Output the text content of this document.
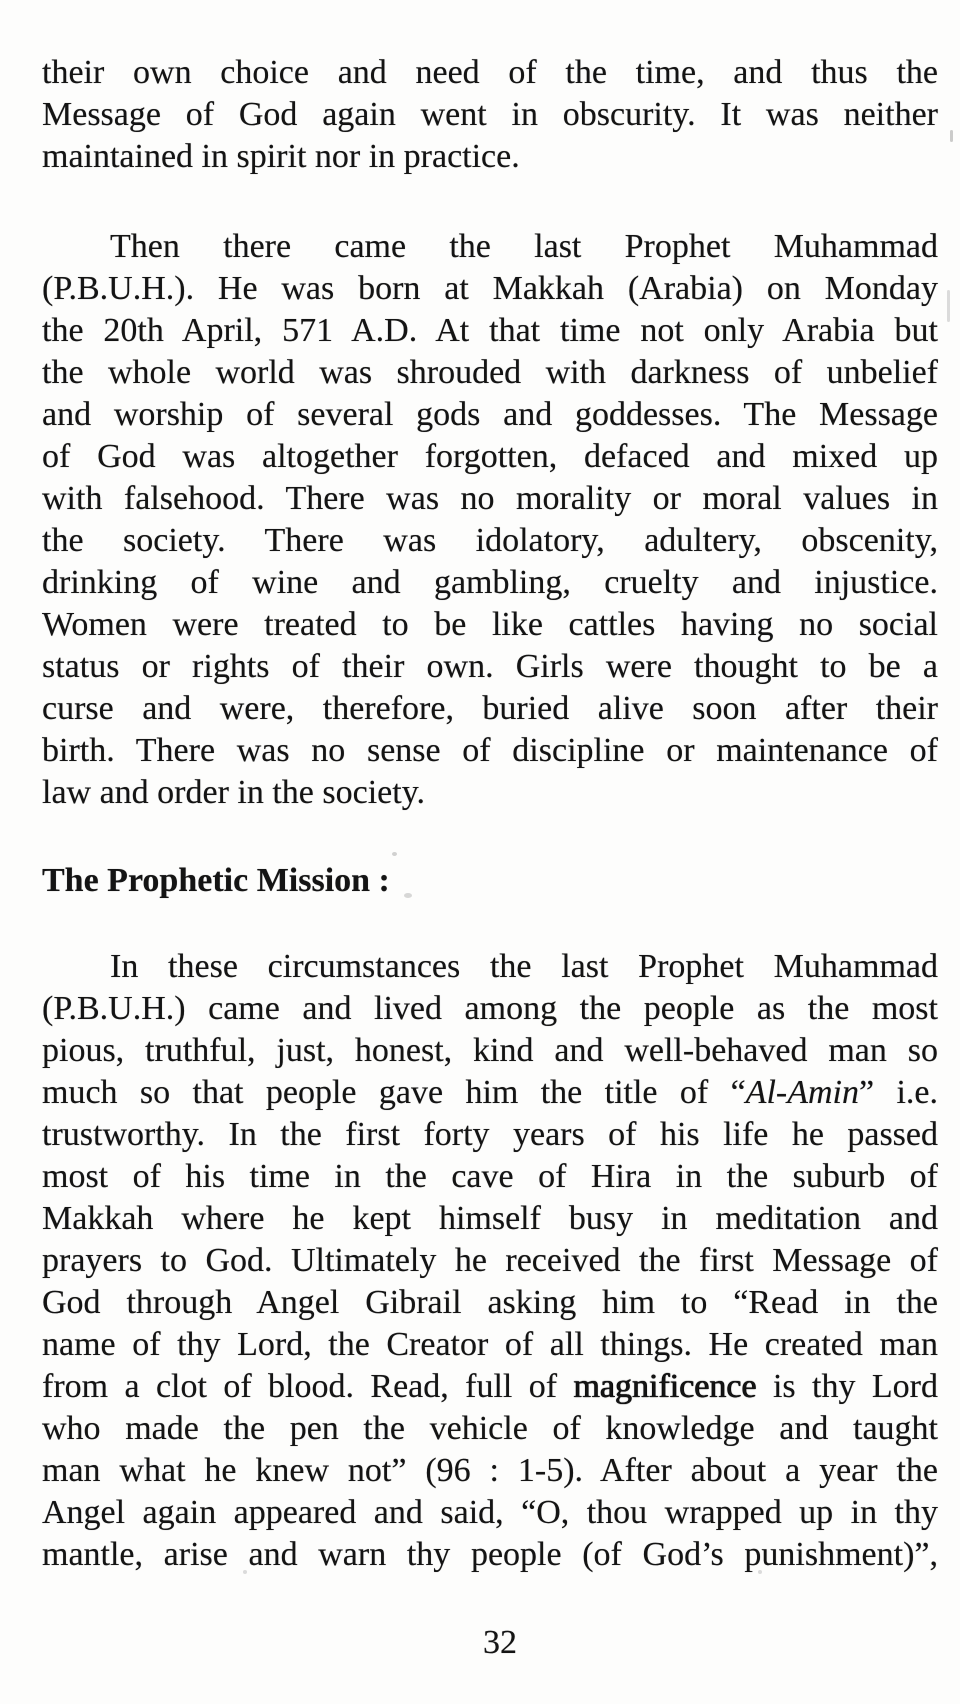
their own choice and need of the time, and thus the
Message of God again went in obscurity. It was neither
maintained in spirit nor in practice.
Then there came the last Prophet Muhammad
(P.B.U.H.). He was born at Makkah (Arabia) on Monday
the 20th April, 571 A.D. At that time not only Arabia but
the whole world was shrouded with darkness of unbelief
and worship of several gods and goddesses. The Message
of God was altogether forgotten, defaced and mixed up
with falsehood. There was no morality or moral values in
the society. There was idolatory, adultery, obscenity,
drinking of wine and gambling, cruelty and injustice.
Women were treated to be like cattles having no social
status or rights of their own. Girls were thought to be a
curse and were, therefore, buried alive soon after their
birth. There was no sense of discipline or maintenance of
law and order in the society.
The Prophetic Mission :
In these circumstances the last Prophet Muhammad
(P.B.U.H.) came and lived among the people as the most
pious, truthful, just, honest, kind and well-behaved man so
much so that people gave him the title of “Al-Amin” i.e.
trustworthy. In the first forty years of his life he passed
most of his time in the cave of Hira in the suburb of
Makkah where he kept himself busy in meditation and
prayers to God. Ultimately he received the first Message of
God through Angel Gibrail asking him to “Read in the
name of thy Lord, the Creator of all things. He created man
from a clot of blood. Read, full of magnificence is thy Lord
who made the pen the vehicle of knowledge and taught
man what he knew not” (96 : 1-5). After about a year the
Angel again appeared and said, “O, thou wrapped up in thy
mantle, arise and warn thy people (of God’s punishment)”,
32
